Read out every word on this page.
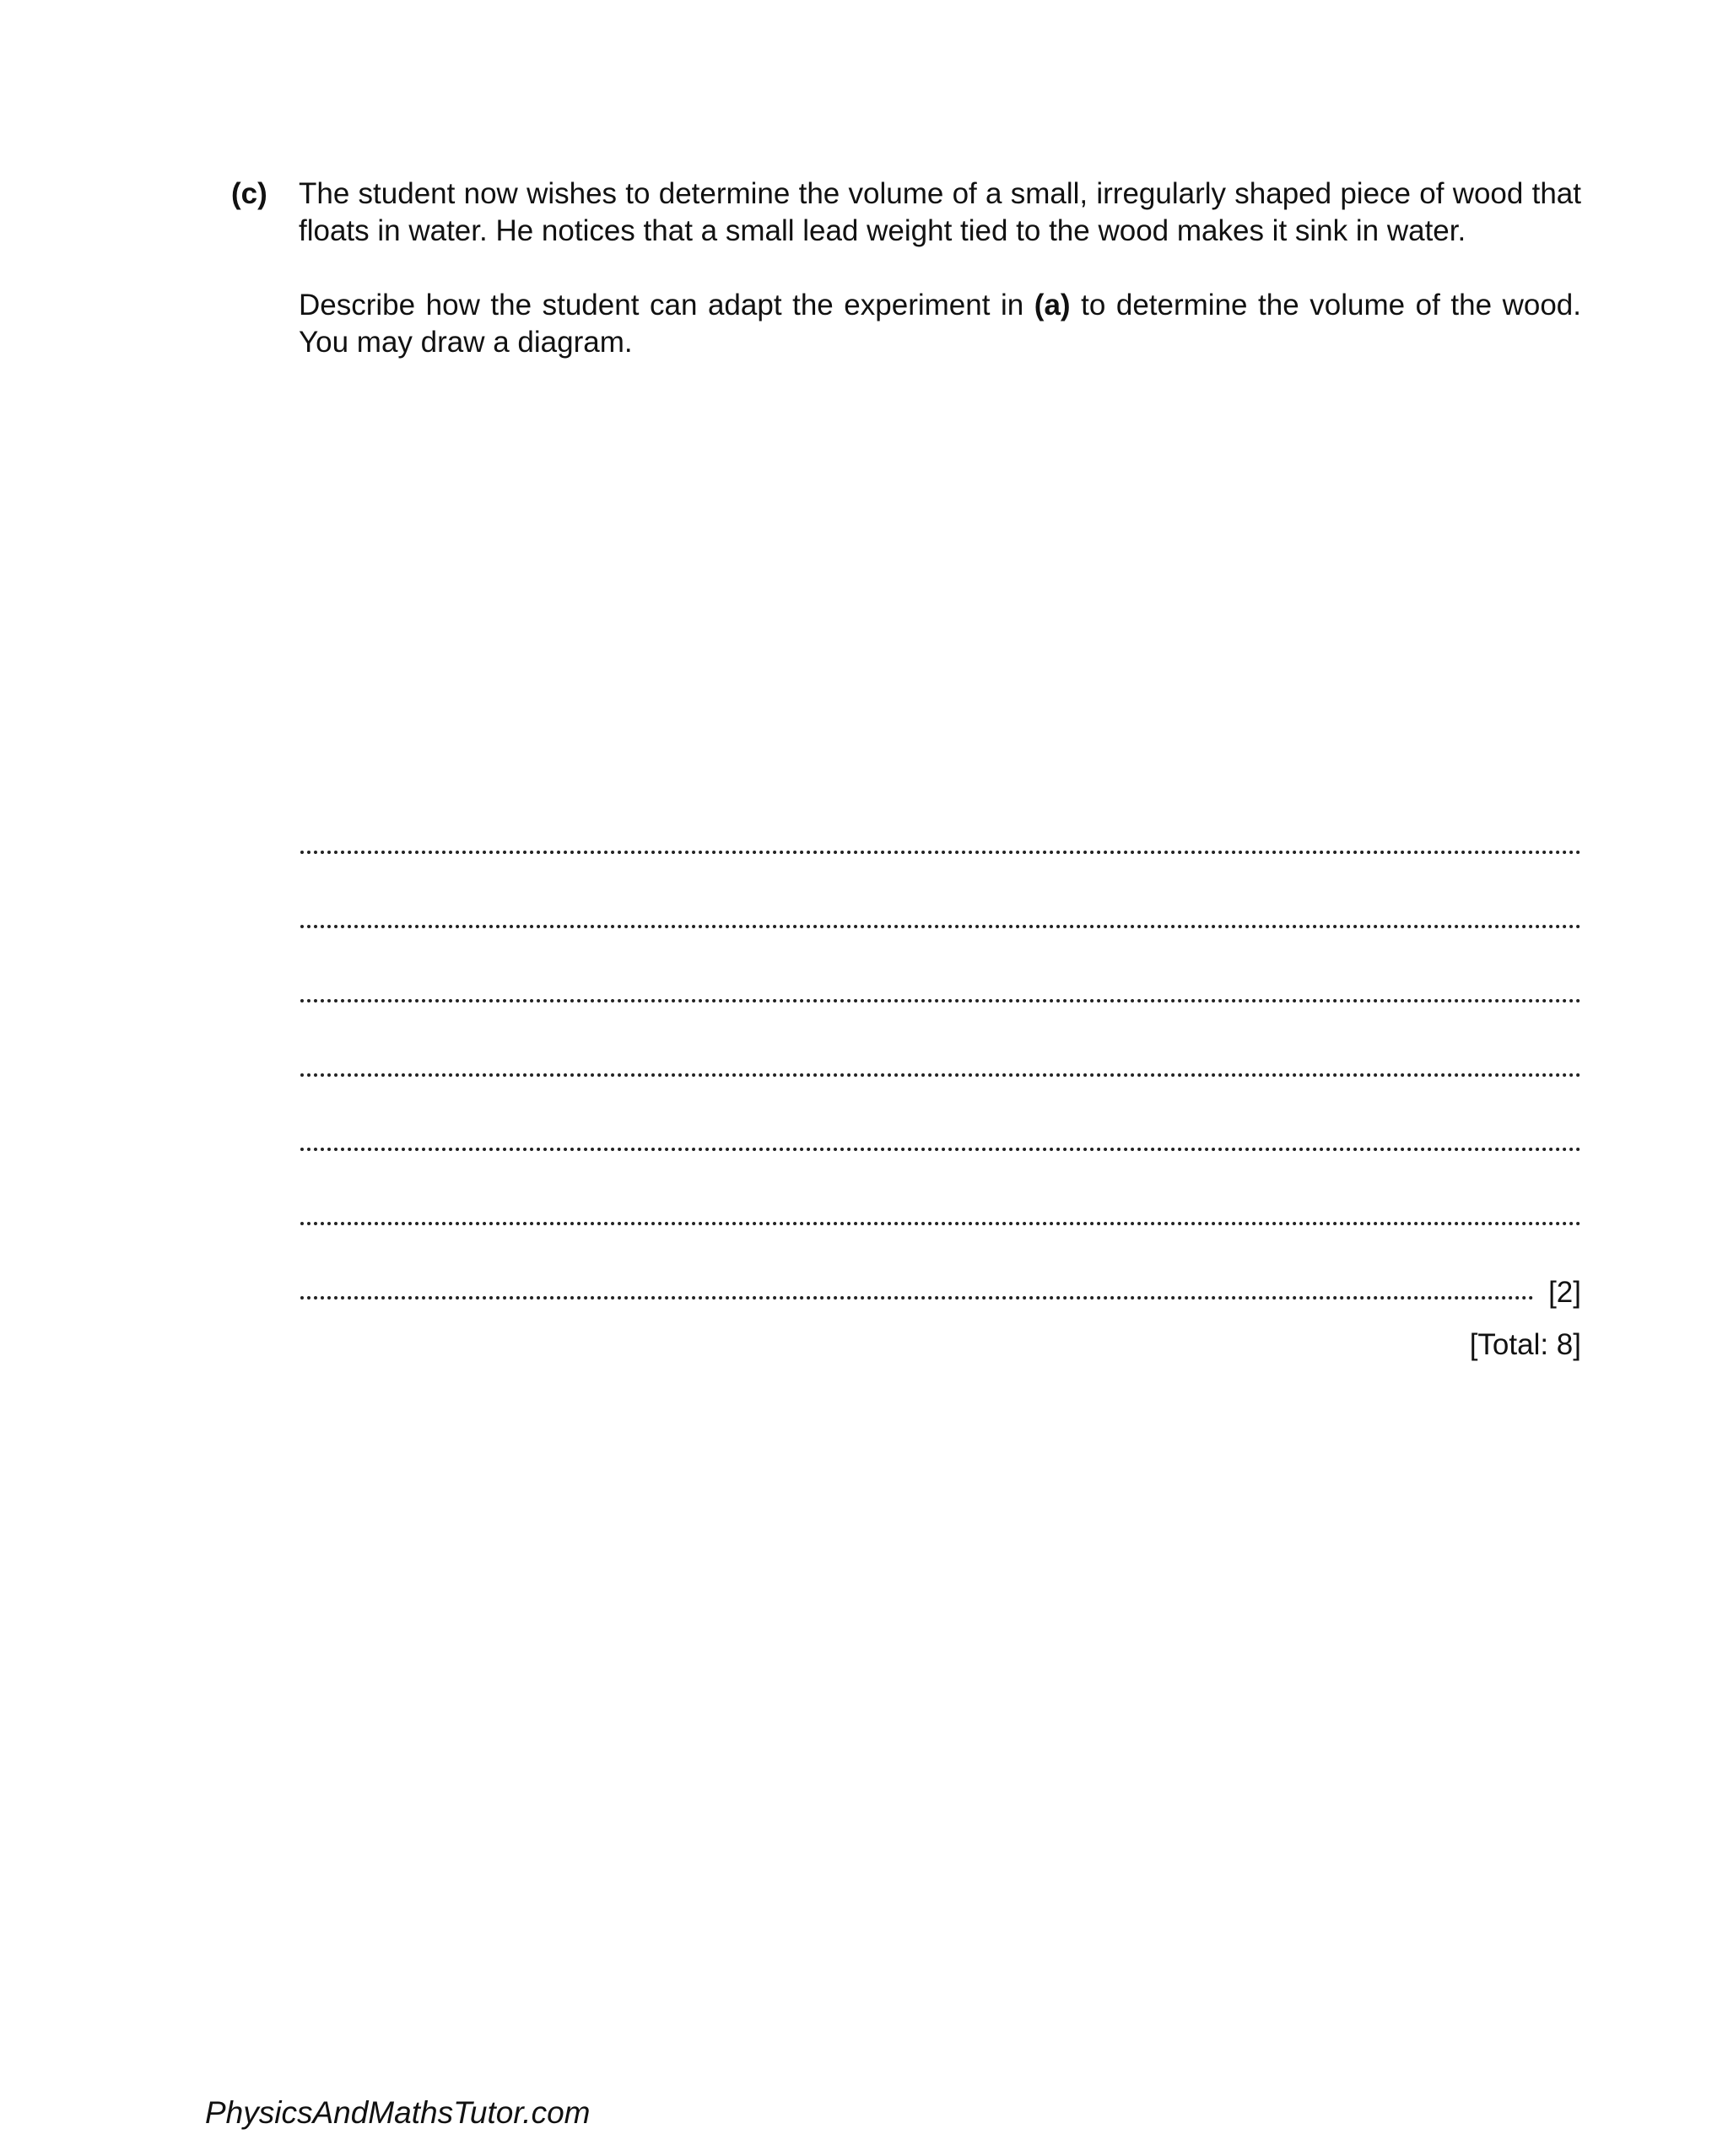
(c) The student now wishes to determine the volume of a small, irregularly shaped piece of wood that floats in water. He notices that a small lead weight tied to the wood makes it sink in water.

Describe how the student can adapt the experiment in (a) to determine the volume of the wood. You may draw a diagram.

[2]
[Total: 8]
PhysicsAndMathsTutor.com
